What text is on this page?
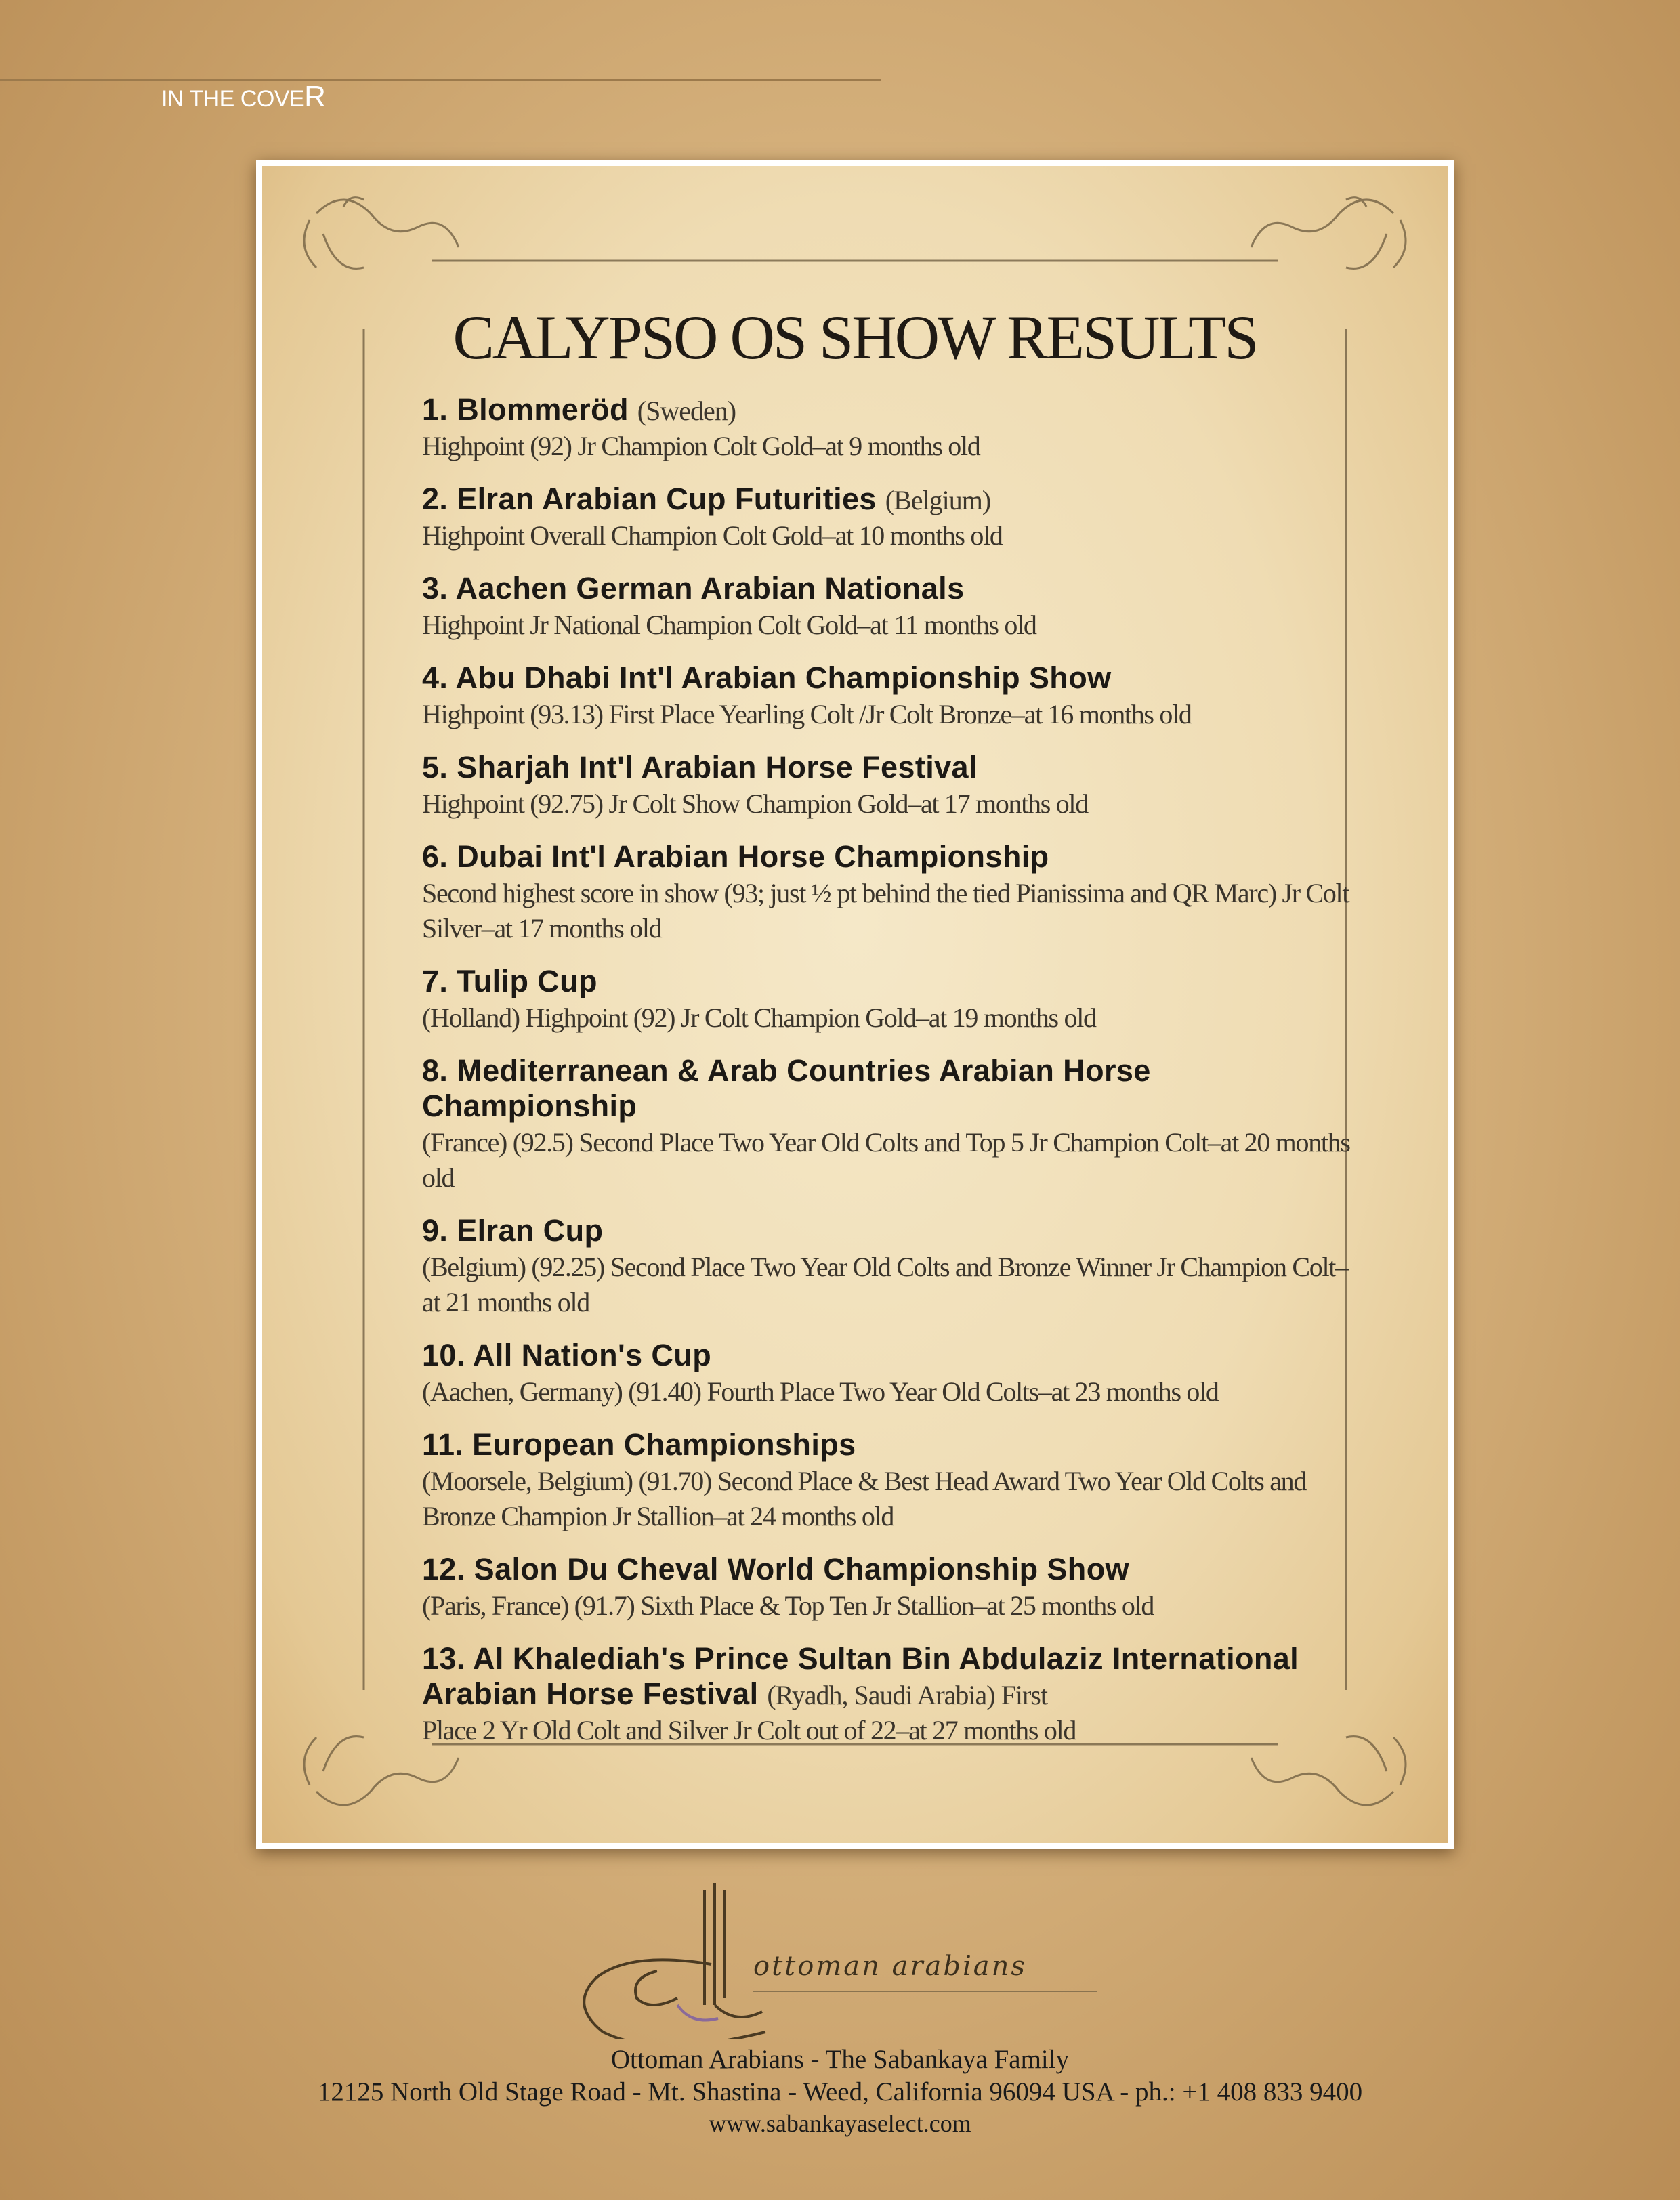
IN THE COVER
CALYPSO OS SHOW RESULTS
1. Blommeröd (Sweden)
Highpoint (92) Jr Champion Colt Gold–at 9 months old
2. Elran Arabian Cup Futurities (Belgium)
Highpoint Overall Champion Colt Gold–at 10 months old
3. Aachen German Arabian Nationals
Highpoint Jr National Champion Colt Gold–at 11 months old
4. Abu Dhabi Int'l Arabian Championship Show
Highpoint (93.13) First Place Yearling Colt /Jr Colt Bronze–at 16 months old
5. Sharjah Int'l Arabian Horse Festival
Highpoint (92.75) Jr Colt Show Champion Gold–at 17 months old
6. Dubai Int'l Arabian Horse Championship
Second highest score in show (93; just ½ pt behind the tied Pianissima and QR Marc) Jr Colt Silver–at 17 months old
7. Tulip Cup
(Holland) Highpoint (92) Jr Colt Champion Gold–at 19 months old
8. Mediterranean & Arab Countries Arabian Horse Championship
(France) (92.5) Second Place Two Year Old Colts and Top 5 Jr Champion Colt–at 20 months old
9. Elran Cup
(Belgium) (92.25) Second Place Two Year Old Colts and Bronze Winner Jr Champion Colt–at 21 months old
10. All Nation's Cup
(Aachen, Germany) (91.40) Fourth Place Two Year Old Colts–at 23 months old
11. European Championships
(Moorsele, Belgium) (91.70) Second Place & Best Head Award Two Year Old Colts and Bronze Champion Jr Stallion–at 24 months old
12. Salon Du Cheval World Championship Show
(Paris, France) (91.7) Sixth Place & Top Ten Jr Stallion–at 25 months old
13. Al Khalediah's Prince Sultan Bin Abdulaziz International Arabian Horse Festival (Ryadh, Saudi Arabia) First
Place 2 Yr Old Colt and Silver Jr Colt out of 22–at 27 months old
ottoman arabians
Ottoman Arabians - The Sabankaya Family
12125 North Old Stage Road - Mt. Shastina - Weed, California 96094 USA - ph.: +1 408 833 9400
www.sabankayaselect.com
